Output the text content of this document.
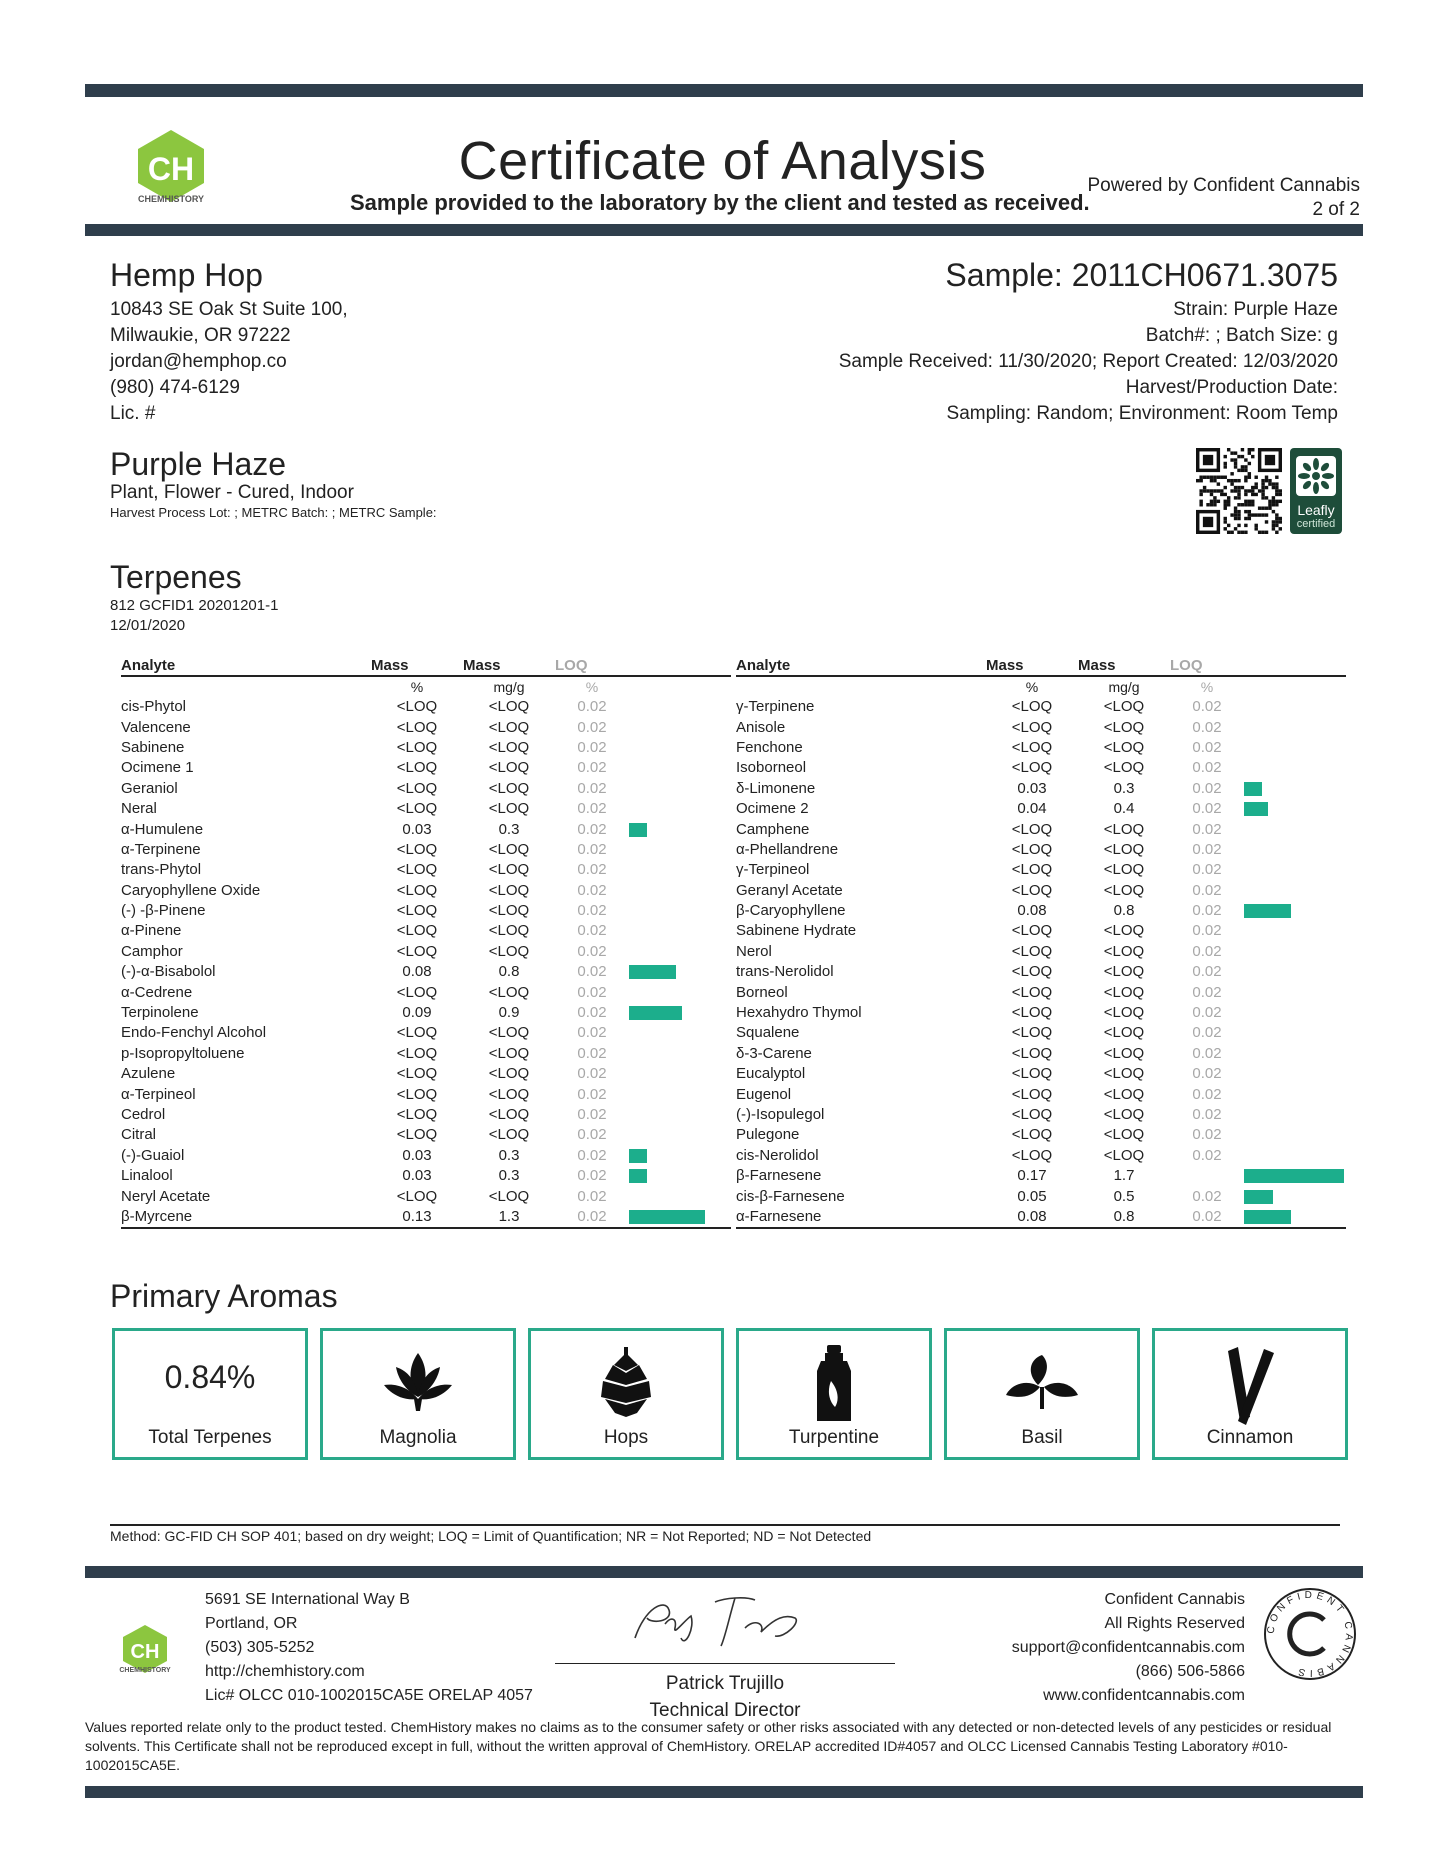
CH
CHEMHISTORY
Certificate of Analysis
Sample provided to the laboratory by the client and tested as received.
Powered by Confident Cannabis
2 of 2
Hemp Hop
10843 SE Oak St Suite 100,
Milwaukie, OR 97222
jordan@hemphop.co
(980) 474-6129
Lic. #
Sample: 2011CH0671.3075
Strain: Purple Haze
Batch#: ; Batch Size: g
Sample Received: 11/30/2020; Report Created: 12/03/2020
Harvest/Production Date:
Sampling: Random; Environment: Room Temp
Purple Haze
Plant, Flower - Cured, Indoor
Harvest Process Lot: ; METRC Batch: ; METRC Sample:	Leafly
certified
Terpenes
812 GCFID1 20201201-1
12/01/2020
Analyte	Mass	Mass	LOQ	
	%	mg/g	%	
cis-Phytol	<LOQ	<LOQ	0.02	
Valencene	<LOQ	<LOQ	0.02	
Sabinene	<LOQ	<LOQ	0.02	
Ocimene 1	<LOQ	<LOQ	0.02	
Geraniol	<LOQ	<LOQ	0.02	
Neral	<LOQ	<LOQ	0.02	
α-Humulene	0.03	0.3	0.02	

α-Terpinene	<LOQ	<LOQ	0.02	
trans-Phytol	<LOQ	<LOQ	0.02	
Caryophyllene Oxide	<LOQ	<LOQ	0.02	
(-) -β-Pinene	<LOQ	<LOQ	0.02	
α-Pinene	<LOQ	<LOQ	0.02	
Camphor	<LOQ	<LOQ	0.02	
(-)-α-Bisabolol	0.08	0.8	0.02	

α-Cedrene	<LOQ	<LOQ	0.02	
Terpinolene	0.09	0.9	0.02	

Endo-Fenchyl Alcohol	<LOQ	<LOQ	0.02	
p-Isopropyltoluene	<LOQ	<LOQ	0.02	
Azulene	<LOQ	<LOQ	0.02	
α-Terpineol	<LOQ	<LOQ	0.02	
Cedrol	<LOQ	<LOQ	0.02	
Citral	<LOQ	<LOQ	0.02	
(-)-Guaiol	0.03	0.3	0.02	

Linalool	0.03	0.3	0.02	

Neryl Acetate	<LOQ	<LOQ	0.02	
β-Myrcene	0.13	1.3	0.02	
Analyte	Mass	Mass	LOQ	
	%	mg/g	%	
γ-Terpinene	<LOQ	<LOQ	0.02	
Anisole	<LOQ	<LOQ	0.02	
Fenchone	<LOQ	<LOQ	0.02	
Isoborneol	<LOQ	<LOQ	0.02	
δ-Limonene	0.03	0.3	0.02	

Ocimene 2	0.04	0.4	0.02	

Camphene	<LOQ	<LOQ	0.02	
α-Phellandrene	<LOQ	<LOQ	0.02	
γ-Terpineol	<LOQ	<LOQ	0.02	
Geranyl Acetate	<LOQ	<LOQ	0.02	
β-Caryophyllene	0.08	0.8	0.02	

Sabinene Hydrate	<LOQ	<LOQ	0.02	
Nerol	<LOQ	<LOQ	0.02	
trans-Nerolidol	<LOQ	<LOQ	0.02	
Borneol	<LOQ	<LOQ	0.02	
Hexahydro Thymol	<LOQ	<LOQ	0.02	
Squalene	<LOQ	<LOQ	0.02	
δ-3-Carene	<LOQ	<LOQ	0.02	
Eucalyptol	<LOQ	<LOQ	0.02	
Eugenol	<LOQ	<LOQ	0.02	
(-)-Isopulegol	<LOQ	<LOQ	0.02	
Pulegone	<LOQ	<LOQ	0.02	
cis-Nerolidol	<LOQ	<LOQ	0.02	
β-Farnesene	0.17	1.7		

cis-β-Farnesene	0.05	0.5	0.02	

α-Farnesene	0.08	0.8	0.02	
Primary Aromas
0.84%
Total Terpenes	Magnolia	Hops	Turpentine	Basil	Cinnamon
Method: GC-FID CH SOP 401; based on dry weight; LOQ = Limit of Quantification; NR = Not Reported; ND = Not Detected
CH
CHEMHISTORY
5691 SE International Way B
Portland, OR
(503) 305-5252
http://chemhistory.com
Lic# OLCC 010-1002015CA5E ORELAP 4057
Patrick Trujillo
Technical Director
Confident Cannabis
All Rights Reserved
support@confidentcannabis.com
(866) 506-5866
www.confidentcannabis.com
CONFIDENT CANNABIS
Values reported relate only to the product tested. ChemHistory makes no claims as to the consumer safety or other risks associated with any detected or non-detected levels of any pesticides or residual solvents. This Certificate shall not be reproduced except in full, without the written approval of ChemHistory. ORELAP accredited ID#4057 and OLCC Licensed Cannabis Testing Laboratory #010-1002015CA5E.
